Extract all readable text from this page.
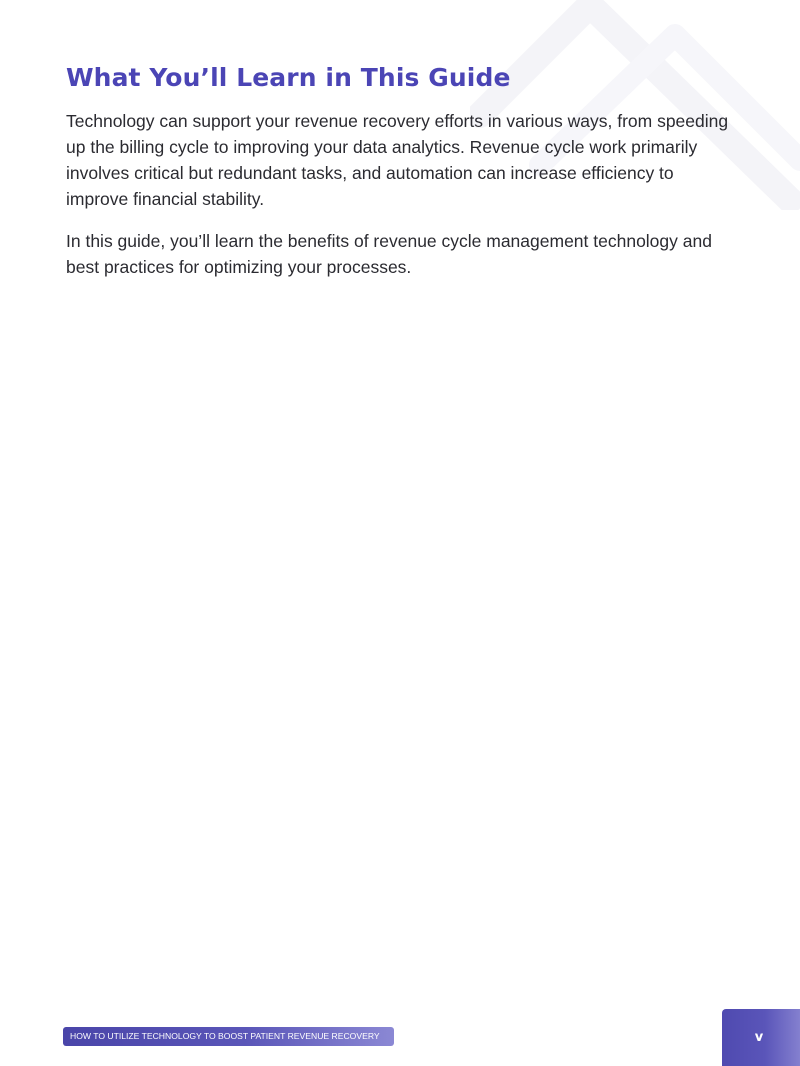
What You’ll Learn in This Guide

Technology can support your revenue recovery efforts in various ways, from speeding up the billing cycle to improving your data analytics. Revenue cycle work primarily involves critical but redundant tasks, and automation can increase efficiency to improve financial stability.

In this guide, you’ll learn the benefits of revenue cycle management technology and best practices for optimizing your processes.

HOW TO UTILIZE TECHNOLOGY TO BOOST PATIENT REVENUE RECOVERY	v
